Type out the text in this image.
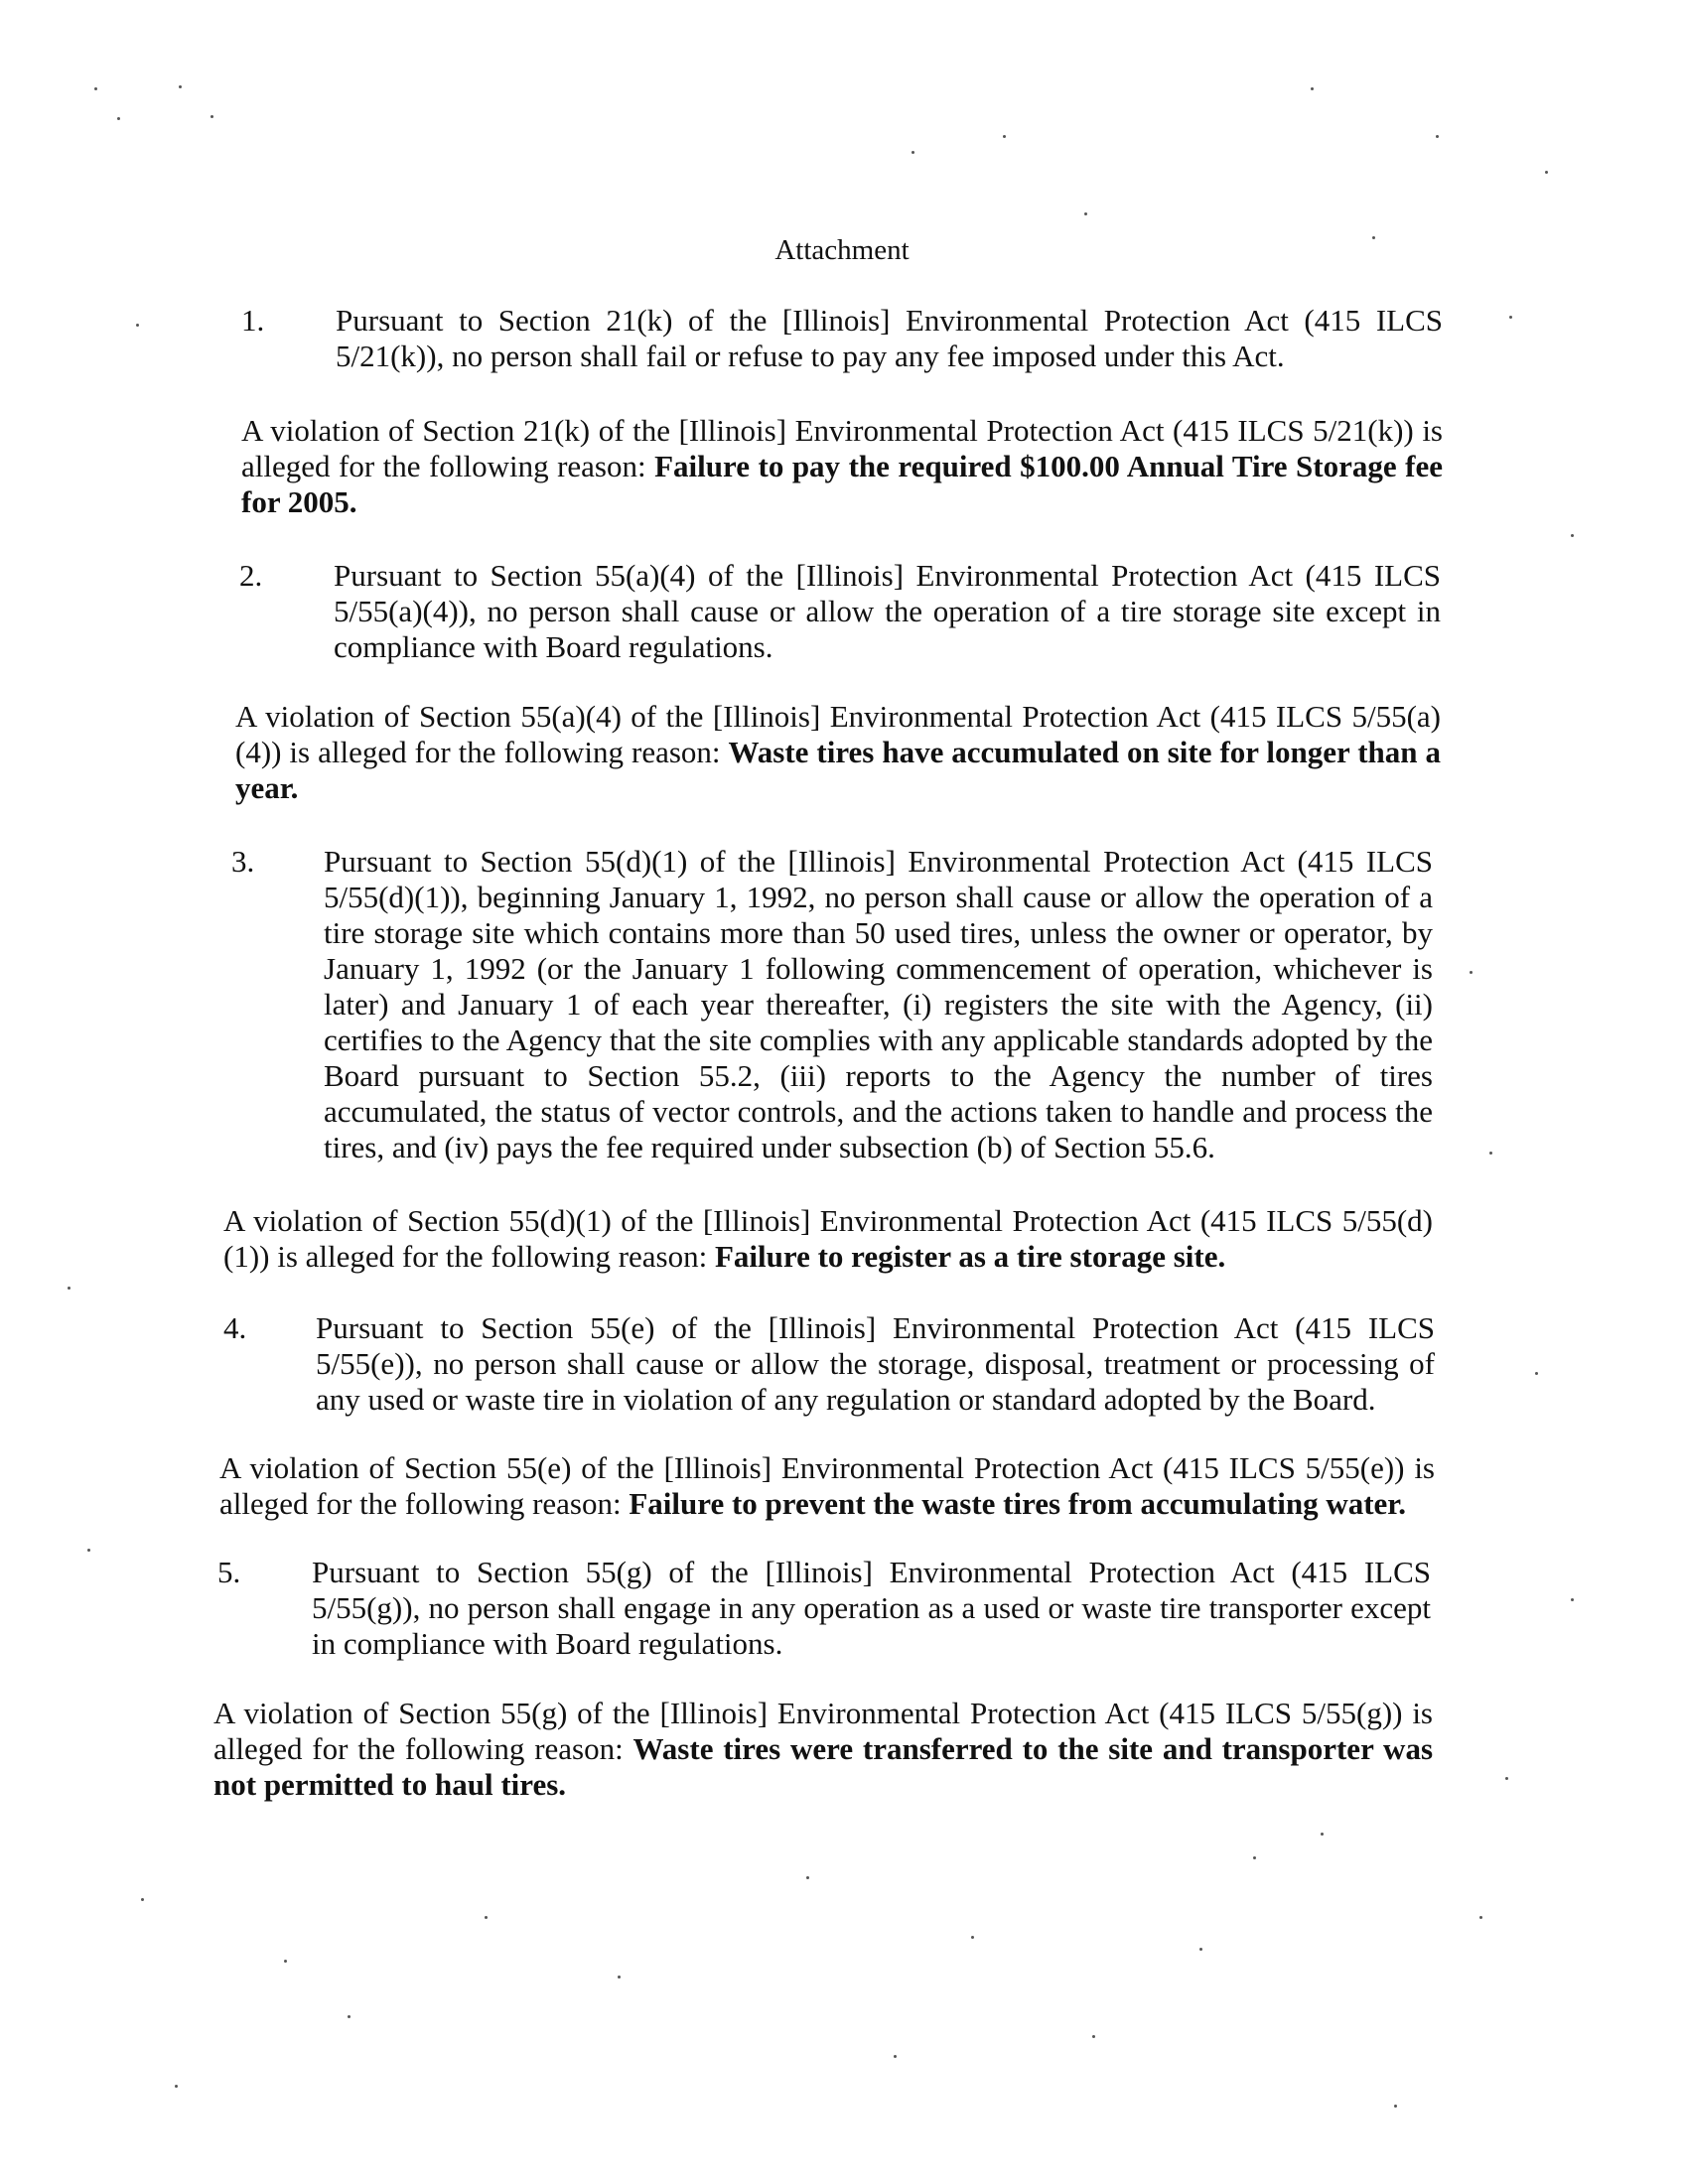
Attachment
1. Pursuant to Section 21(k) of the [Illinois] Environmental Protection Act (415 ILCS 5/21(k)), no person shall fail or refuse to pay any fee imposed under this Act.
A violation of Section 21(k) of the [Illinois] Environmental Protection Act (415 ILCS 5/21(k)) is alleged for the following reason: Failure to pay the required $100.00 Annual Tire Storage fee for 2005.
2. Pursuant to Section 55(a)(4) of the [Illinois] Environmental Protection Act (415 ILCS 5/55(a)(4)), no person shall cause or allow the operation of a tire storage site except in compliance with Board regulations.
A violation of Section 55(a)(4) of the [Illinois] Environmental Protection Act (415 ILCS 5/55(a)(4)) is alleged for the following reason: Waste tires have accumulated on site for longer than a year.
3. Pursuant to Section 55(d)(1) of the [Illinois] Environmental Protection Act (415 ILCS 5/55(d)(1)), beginning January 1, 1992, no person shall cause or allow the operation of a tire storage site which contains more than 50 used tires, unless the owner or operator, by January 1, 1992 (or the January 1 following commencement of operation, whichever is later) and January 1 of each year thereafter, (i) registers the site with the Agency, (ii) certifies to the Agency that the site complies with any applicable standards adopted by the Board pursuant to Section 55.2, (iii) reports to the Agency the number of tires accumulated, the status of vector controls, and the actions taken to handle and process the tires, and (iv) pays the fee required under subsection (b) of Section 55.6.
A violation of Section 55(d)(1) of the [Illinois] Environmental Protection Act (415 ILCS 5/55(d)(1)) is alleged for the following reason: Failure to register as a tire storage site.
4. Pursuant to Section 55(e) of the [Illinois] Environmental Protection Act (415 ILCS 5/55(e)), no person shall cause or allow the storage, disposal, treatment or processing of any used or waste tire in violation of any regulation or standard adopted by the Board.
A violation of Section 55(e) of the [Illinois] Environmental Protection Act (415 ILCS 5/55(e)) is alleged for the following reason: Failure to prevent the waste tires from accumulating water.
5. Pursuant to Section 55(g) of the [Illinois] Environmental Protection Act (415 ILCS 5/55(g)), no person shall engage in any operation as a used or waste tire transporter except in compliance with Board regulations.
A violation of Section 55(g) of the [Illinois] Environmental Protection Act (415 ILCS 5/55(g)) is alleged for the following reason: Waste tires were transferred to the site and transporter was not permitted to haul tires.
